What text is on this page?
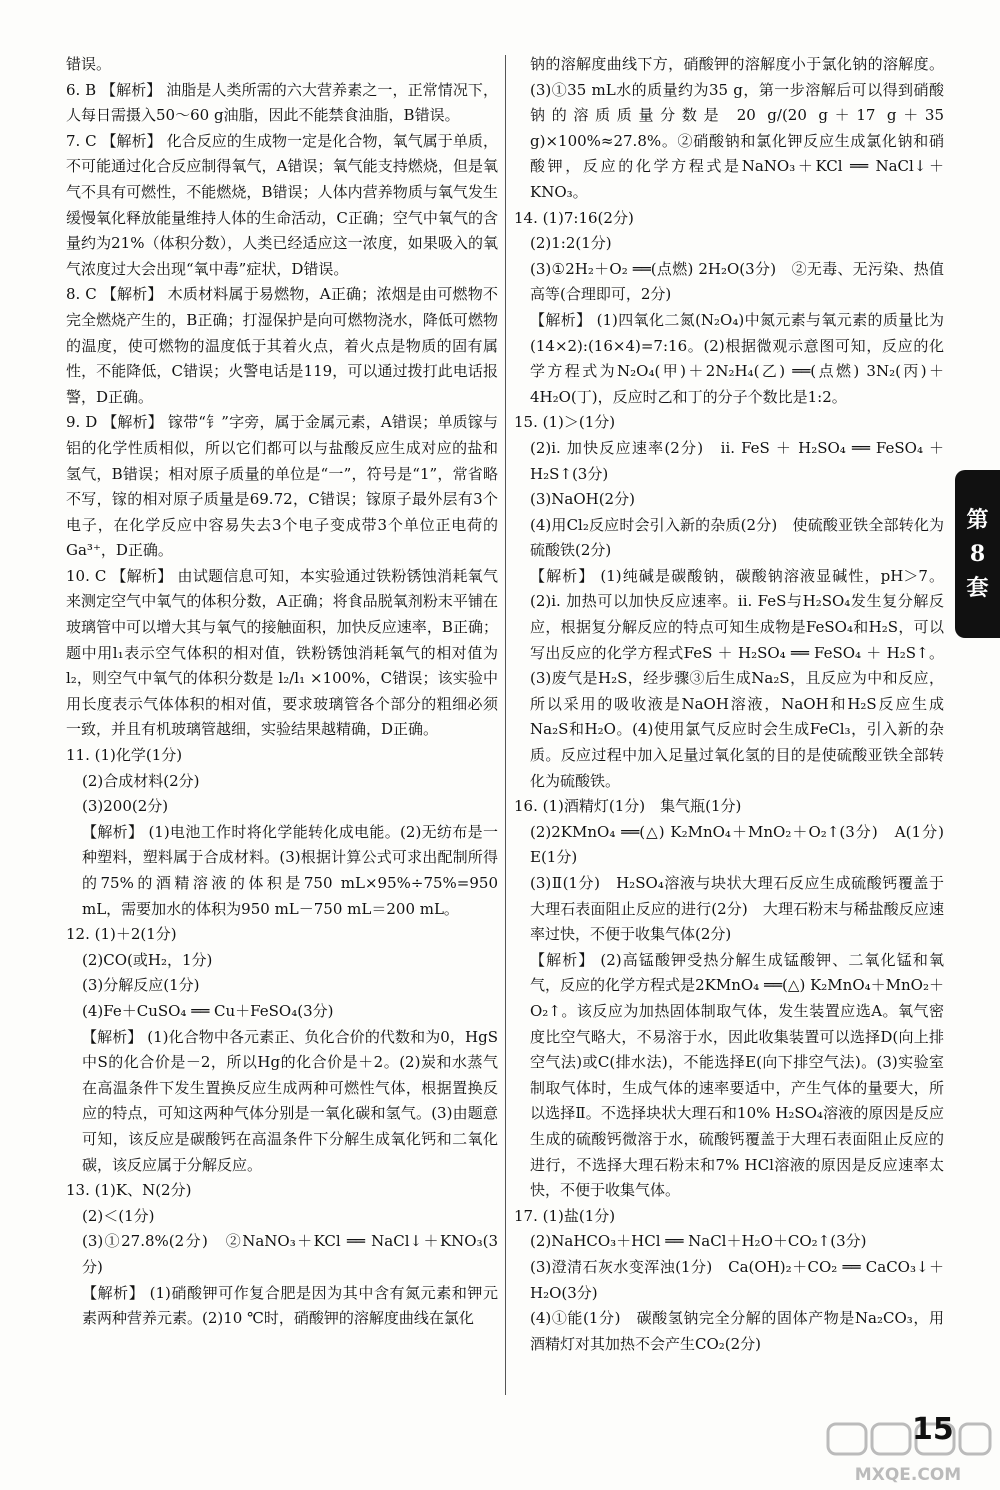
错误。

6. B 【解析】 油脂是人类所需的六大营养素之一，正常情况下，人每日需摄入50～60 g油脂，因此不能禁食油脂，B错误。

7. C 【解析】 化合反应的生成物一定是化合物，氧气属于单质，不可能通过化合反应制得氧气，A错误；氧气能支持燃烧，但是氧气不具有可燃性，不能燃烧，B错误；人体内营养物质与氧气发生缓慢氧化释放能量维持人体的生命活动，C正确；空气中氧气的含量约为21%（体积分数），人类已经适应这一浓度，如果吸入的氧气浓度过大会出现“氧中毒”症状，D错误。

8. C 【解析】 木质材料属于易燃物，A正确；浓烟是由可燃物不完全燃烧产生的，B正确；打湿保护是向可燃物浇水，降低可燃物的温度，使可燃物的温度低于其着火点，着火点是物质的固有属性，不能降低，C错误；火警电话是119，可以通过拨打此电话报警，D正确。

9. D 【解析】 镓带“钅”字旁，属于金属元素，A错误；单质镓与铝的化学性质相似，所以它们都可以与盐酸反应生成对应的盐和氢气，B错误；相对原子质量的单位是“一”，符号是“1”，常省略不写，镓的相对原子质量是69.72，C错误；镓原子最外层有3个电子，在化学反应中容易失去3个电子变成带3个单位正电荷的Ga³⁺，D正确。

10. C 【解析】 由试题信息可知，本实验通过铁粉锈蚀消耗氧气来测定空气中氧气的体积分数，A正确；将食品脱氧剂粉末平铺在玻璃管中可以增大其与氧气的接触面积，加快反应速率，B正确；题中用l₁表示空气体积的相对值，铁粉锈蚀消耗氧气的相对值为l₂，则空气中氧气的体积分数是 l₂/l₁ ×100%，C错误；该实验中用长度表示气体体积的相对值，要求玻璃管各个部分的粗细必须一致，并且有机玻璃管越细，实验结果越精确，D正确。

11. (1)化学(1分)

(2)合成材料(2分)

(3)200(2分)

【解析】 (1)电池工作时将化学能转化成电能。(2)无纺布是一种塑料，塑料属于合成材料。(3)根据计算公式可求出配制所得的75%的酒精溶液的体积是750 mL×95%÷75%=950 mL，需要加水的体积为950 mL－750 mL＝200 mL。

12. (1)＋2(1分)

(2)CO(或H₂，1分)

(3)分解反应(1分)

(4)Fe＋CuSO₄ ══ Cu＋FeSO₄(3分)

【解析】 (1)化合物中各元素正、负化合价的代数和为0，HgS中S的化合价是－2，所以Hg的化合价是＋2。(2)炭和水蒸气在高温条件下发生置换反应生成两种可燃性气体，根据置换反应的特点，可知这两种气体分别是一氧化碳和氢气。(3)由题意可知，该反应是碳酸钙在高温条件下分解生成氧化钙和二氧化碳，该反应属于分解反应。

13. (1)K、N(2分)

(2)＜(1分)

(3)①27.8%(2分)　②NaNO₃＋KCl ══ NaCl↓＋KNO₃(3分)

【解析】 (1)硝酸钾可作复合肥是因为其中含有氮元素和钾元素两种营养元素。(2)10 ℃时，硝酸钾的溶解度曲线在氯化

钠的溶解度曲线下方，硝酸钾的溶解度小于氯化钠的溶解度。(3)①35 mL水的质量约为35 g，第一步溶解后可以得到硝酸钠的溶质质量分数是 20 g/(20 g＋17 g＋35 g)×100%≈27.8%。②硝酸钠和氯化钾反应生成氯化钠和硝酸钾，反应的化学方程式是NaNO₃＋KCl ══ NaCl↓＋KNO₃。

14. (1)7:16(2分)

(2)1:2(1分)

(3)①2H₂＋O₂ ══(点燃) 2H₂O(3分)　②无毒、无污染、热值高等(合理即可，2分)

【解析】 (1)四氧化二氮(N₂O₄)中氮元素与氧元素的质量比为(14×2):(16×4)=7:16。(2)根据微观示意图可知，反应的化学方程式为N₂O₄(甲)＋2N₂H₄(乙) ══(点燃) 3N₂(丙)＋4H₂O(丁)，反应时乙和丁的分子个数比是1:2。

15. (1)＞(1分)

(2)i. 加快反应速率(2分)　ii. FeS ＋ H₂SO₄ ══ FeSO₄ ＋ H₂S↑(3分)

(3)NaOH(2分)

(4)用Cl₂反应时会引入新的杂质(2分)　使硫酸亚铁全部转化为硫酸铁(2分)

【解析】 (1)纯碱是碳酸钠，碳酸钠溶液显碱性，pH＞7。(2)i. 加热可以加快反应速率。ii. FeS与H₂SO₄发生复分解反应，根据复分解反应的特点可知生成物是FeSO₄和H₂S，可以写出反应的化学方程式FeS ＋ H₂SO₄ ══ FeSO₄ ＋ H₂S↑。(3)废气是H₂S，经步骤③后生成Na₂S，且反应为中和反应，所以采用的吸收液是NaOH溶液，NaOH和H₂S反应生成Na₂S和H₂O。(4)使用氯气反应时会生成FeCl₃，引入新的杂质。反应过程中加入足量过氧化氢的目的是使硫酸亚铁全部转化为硫酸铁。

16. (1)酒精灯(1分)　集气瓶(1分)

(2)2KMnO₄ ══(△) K₂MnO₄＋MnO₂＋O₂↑(3分)　A(1分)　E(1分)

(3)Ⅱ(1分)　H₂SO₄溶液与块状大理石反应生成硫酸钙覆盖于大理石表面阻止反应的进行(2分)　大理石粉末与稀盐酸反应速率过快，不便于收集气体(2分)

【解析】 (2)高锰酸钾受热分解生成锰酸钾、二氧化锰和氧气，反应的化学方程式是2KMnO₄ ══(△) K₂MnO₄＋MnO₂＋O₂↑。该反应为加热固体制取气体，发生装置应选A。氧气密度比空气略大，不易溶于水，因此收集装置可以选择D(向上排空气法)或C(排水法)，不能选择E(向下排空气法)。(3)实验室制取气体时，生成气体的速率要适中，产生气体的量要大，所以选择Ⅱ。不选择块状大理石和10% H₂SO₄溶液的原因是反应生成的硫酸钙微溶于水，硫酸钙覆盖于大理石表面阻止反应的进行，不选择大理石粉末和7% HCl溶液的原因是反应速率太快，不便于收集气体。

17. (1)盐(1分)

(2)NaHCO₃＋HCl ══ NaCl＋H₂O＋CO₂↑(3分)

(3)澄清石灰水变浑浊(1分)　Ca(OH)₂＋CO₂ ══ CaCO₃↓＋H₂O(3分)

(4)①能(1分)　碳酸氢钠完全分解的固体产物是Na₂CO₃，用酒精灯对其加热不会产生CO₂(2分)

第
8
套
MXQE.COM
15
